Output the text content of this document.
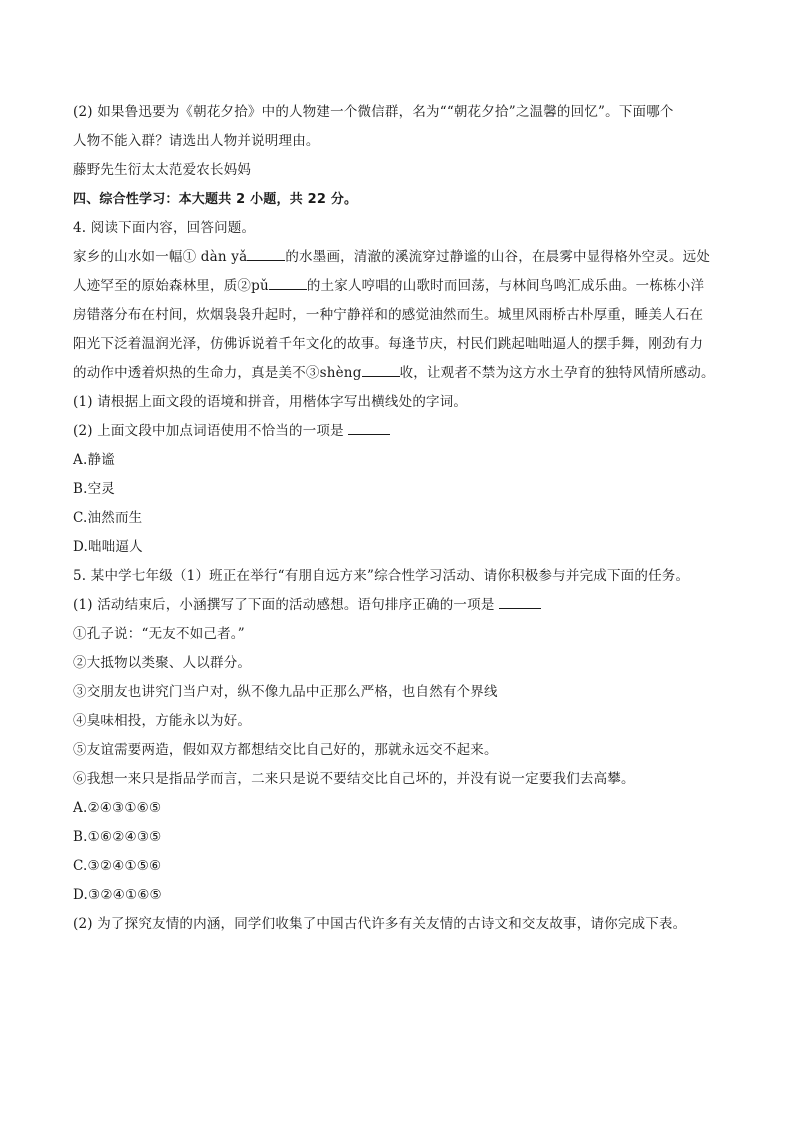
(2) 如果鲁迅要为《朝花夕拾》中的人物建一个微信群，名为““朝花夕拾”之温馨的回忆”。下面哪个
人物不能入群？请选出人物并说明理由。
藤野先生衍太太范爱农长妈妈
四、综合性学习：本大题共 2 小题，共 22 分。
4. 阅读下面内容，回答问题。
家乡的山水如一幅① dàn yǎ	的水墨画，清澈的溪流穿过静谧的山谷，在晨雾中显得格外空灵。远处
人迹罕至的原始森林里，质②pǔ	的土家人哼唱的山歌时而回荡，与林间鸟鸣汇成乐曲。一栋栋小洋
房错落分布在村间，炊烟袅袅升起时，一种宁静祥和的感觉油然而生。城里风雨桥古朴厚重，睡美人石在
阳光下泛着温润光泽，仿佛诉说着千年文化的故事。每逢节庆，村民们跳起咄咄逼人的摆手舞，刚劲有力
的动作中透着炽热的生命力，真是美不③shèng	收，让观者不禁为这方水土孕育的独特风情所感动。
(1) 请根据上面文段的语境和拼音，用楷体字写出横线处的字词。
(2) 上面文段中加点词语使用不恰当的一项是
A.静谧
B.空灵
C.油然而生
D.咄咄逼人
5. 某中学七年级（1）班正在举行“有朋自远方来”综合性学习活动、请你积极参与并完成下面的任务。
(1) 活动结束后，小涵撰写了下面的活动感想。语句排序正确的一项是
①孔子说：“无友不如己者。”
②大抵物以类聚、人以群分。
③交朋友也讲究门当户对，纵不像九品中正那么严格，也自然有个界线
④臭味相投，方能永以为好。
⑤友谊需要两造，假如双方都想结交比自己好的，那就永远交不起来。
⑥我想一来只是指品学而言，二来只是说不要结交比自己坏的，并没有说一定要我们去高攀。
A.②④③①⑥⑤
B.①⑥②④③⑤
C.③②④①⑤⑥
D.③②④①⑥⑤
(2) 为了探究友情的内涵，同学们收集了中国古代许多有关友情的古诗文和交友故事，请你完成下表。
